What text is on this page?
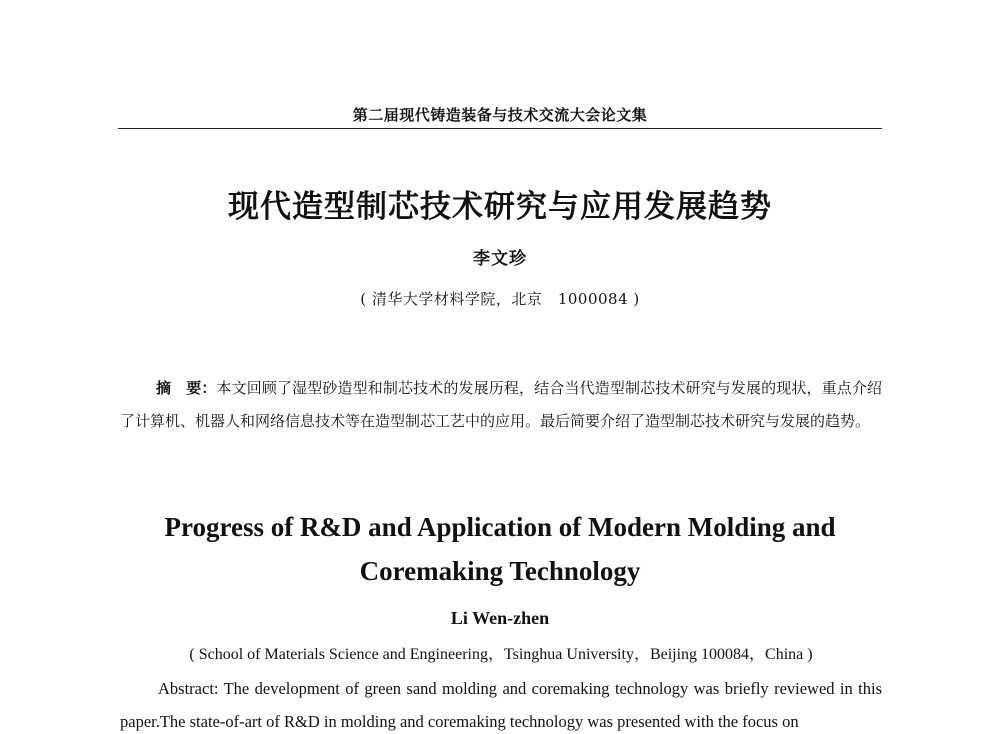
第二届现代铸造装备与技术交流大会论文集
现代造型制芯技术研究与应用发展趋势
李文珍
( 清华大学材料学院，北京　1000084 )
摘　要：本文回顾了湿型砂造型和制芯技术的发展历程，结合当代造型制芯技术研究与发展的现状，重点介绍了计算机、机器人和网络信息技术等在造型制芯工艺中的应用。最后简要介绍了造型制芯技术研究与发展的趋势。
Progress of R&D and Application of Modern Molding and Coremaking Technology
Li Wen-zhen
( School of Materials Science and Engineering，Tsinghua University，Beijing 100084，China )
Abstract: The development of green sand molding and coremaking technology was briefly reviewed in this paper.The state-of-art of R&D in molding and coremaking technology was presented with the focus on
